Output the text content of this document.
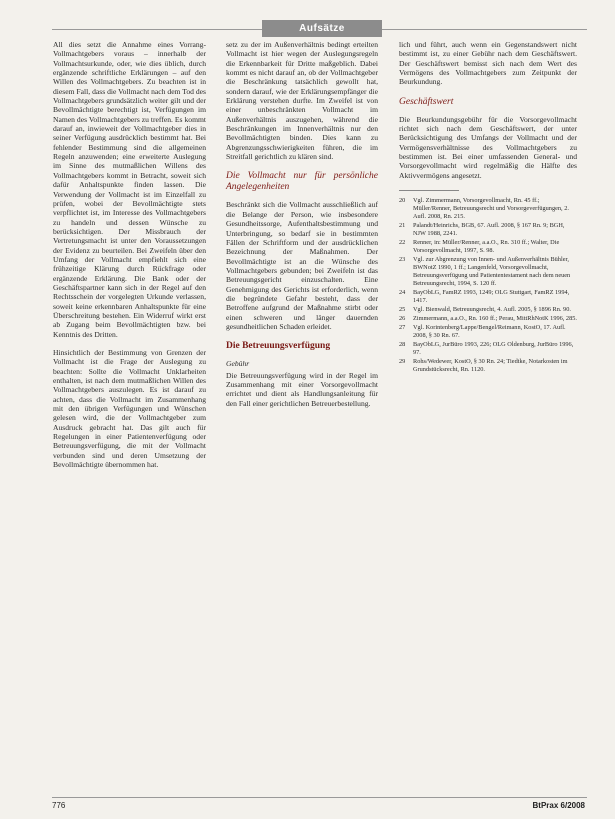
Aufsätze

All dies setzt die Annahme eines Vorrang-Vollmachtgebers voraus – innerhalb der Vollmachtsurkunde, oder, wie dies üblich, durch ergänzende schriftliche Erklärungen – auf den Willen des Vollmachtgebers. Zu beachten ist in diesem Fall, dass die Vollmacht nach dem Tod des Vollmachtgebers grundsätzlich weiter gilt und der Bevollmächtigte berechtigt ist, Verfügungen im Namen des Vollmachtgebers zu treffen. Es kommt darauf an, inwieweit der Vollmachtgeber dies in seiner Verfügung ausdrücklich bestimmt hat. Bei fehlender Bestimmung sind die allgemeinen Regeln anzuwenden; eine erweiterte Auslegung im Sinne des mutmaßlichen Willens des Vollmachtgebers kommt in Betracht, soweit sich dafür Anhaltspunkte finden lassen. Die Verwendung der Vollmacht ist im Einzelfall zu prüfen, wobei der Bevollmächtigte stets verpflichtet ist, im Interesse des Vollmachtgebers zu handeln und dessen Wünsche zu berücksichtigen. Der Missbrauch der Vertretungsmacht ist unter den Voraussetzungen der Evidenz zu beurteilen. Bei Zweifeln über den Umfang der Vollmacht empfiehlt sich eine frühzeitige Klärung durch Rückfrage oder ergänzende Erklärung. Die Bank oder der Geschäftspartner kann sich in der Regel auf den Rechtsschein der vorgelegten Urkunde verlassen, soweit keine erkennbaren Anhaltspunkte für eine Überschreitung bestehen. Ein Widerruf wirkt erst ab Zugang beim Bevollmächtigten bzw. bei Kenntnis des Dritten.

Hinsichtlich der Bestimmung von Grenzen der Vollmacht ist die Frage der Auslegung zu beachten: Sollte die Vollmacht Unklarheiten enthalten, ist nach dem mutmaßlichen Willen des Vollmachtgebers auszulegen. Es ist darauf zu achten, dass die Vollmacht im Zusammenhang mit den übrigen Verfügungen und Wünschen gelesen wird, die der Vollmachtgeber zum Ausdruck gebracht hat. Das gilt auch für Regelungen in einer Patientenverfügung oder Betreuungsverfügung, die mit der Vollmacht verbunden sind und deren Umsetzung der Bevollmächtigte übernommen hat.

setz zu der im Außenverhältnis bedingt erteilten Vollmacht ist hier wegen der Auslegungsregeln die Erkennbarkeit für Dritte maßgeblich. Dabei kommt es nicht darauf an, ob der Vollmachtgeber die Beschränkung tatsächlich gewollt hat, sondern darauf, wie der Erklärungsempfänger die Erklärung verstehen durfte. Im Zweifel ist von einer unbeschränkten Vollmacht im Außenverhältnis auszugehen, während die Beschränkungen im Innenverhältnis nur den Bevollmächtigten binden. Dies kann zu Abgrenzungsschwierigkeiten führen, die im Streitfall gerichtlich zu klären sind.

Die Vollmacht nur für persönliche Angelegenheiten

Beschränkt sich die Vollmacht ausschließlich auf die Belange der Person, wie insbesondere Gesundheitssorge, Aufenthaltsbestimmung und Unterbringung, so bedarf sie in bestimmten Fällen der Schriftform und der ausdrücklichen Bezeichnung der Maßnahmen. Der Bevollmächtigte ist an die Wünsche des Vollmachtgebers gebunden; bei Zweifeln ist das Betreuungsgericht einzuschalten. Eine Genehmigung des Gerichts ist erforderlich, wenn die begründete Gefahr besteht, dass der Betroffene aufgrund der Maßnahme stirbt oder einen schweren und länger dauernden gesundheitlichen Schaden erleidet.

Die Betreuungsverfügung
Gebühr

Die Betreuungsverfügung wird in der Regel im Zusammenhang mit einer Vorsorgevollmacht errichtet und dient als Handlungsanleitung für den Fall einer gerichtlichen Betreuerbestellung.

lich und führt, auch wenn ein Gegenstandswert nicht bestimmt ist, zu einer Gebühr nach dem Geschäftswert. Der Geschäftswert bemisst sich nach dem Wert des Vermögens des Vollmachtgebers zum Zeitpunkt der Beurkundung.

Geschäftswert

Die Beurkundungsgebühr für die Vorsorgevollmacht richtet sich nach dem Geschäftswert, der unter Berücksichtigung des Umfangs der Vollmacht und der Vermögensverhältnisse des Vollmachtgebers zu bestimmen ist. Bei einer umfassenden General- und Vorsorgevollmacht wird regelmäßig die Hälfte des Aktivvermögens angesetzt.

20	Vgl. Zimmermann, Vorsorgevollmacht, Rn. 45 ff.; Müller/Renner, Betreuungsrecht und Vorsorgeverfügungen, 2. Aufl. 2008, Rn. 215.
21	Palandt/Heinrichs, BGB, 67. Aufl. 2008, § 167 Rn. 9; BGH, NJW 1988, 2241.
22	Renner, in: Müller/Renner, a.a.O., Rn. 310 ff.; Walter, Die Vorsorgevollmacht, 1997, S. 98.
23	Vgl. zur Abgrenzung von Innen- und Außenverhältnis Bühler, BWNotZ 1990, 1 ff.; Langenfeld, Vorsorgevollmacht, Betreuungsverfügung und Patiententestament nach dem neuen Betreuungsrecht, 1994, S. 120 ff.
24	BayObLG, FamRZ 1993, 1249; OLG Stuttgart, FamRZ 1994, 1417.
25	Vgl. Bienwald, Betreuungsrecht, 4. Aufl. 2005, § 1896 Rn. 90.
26	Zimmermann, a.a.O., Rn. 160 ff.; Perau, MittRhNotK 1996, 285.
27	Vgl. Korintenberg/Lappe/Bengel/Reimann, KostO, 17. Aufl. 2008, § 30 Rn. 67.
28	BayObLG, JurBüro 1993, 226; OLG Oldenburg, JurBüro 1996, 97.
29	Rohs/Wedewer, KostO, § 30 Rn. 24; Tiedtke, Notarkosten im Grundstücksrecht, Rn. 1120.
776	BtPrax 6/2008
